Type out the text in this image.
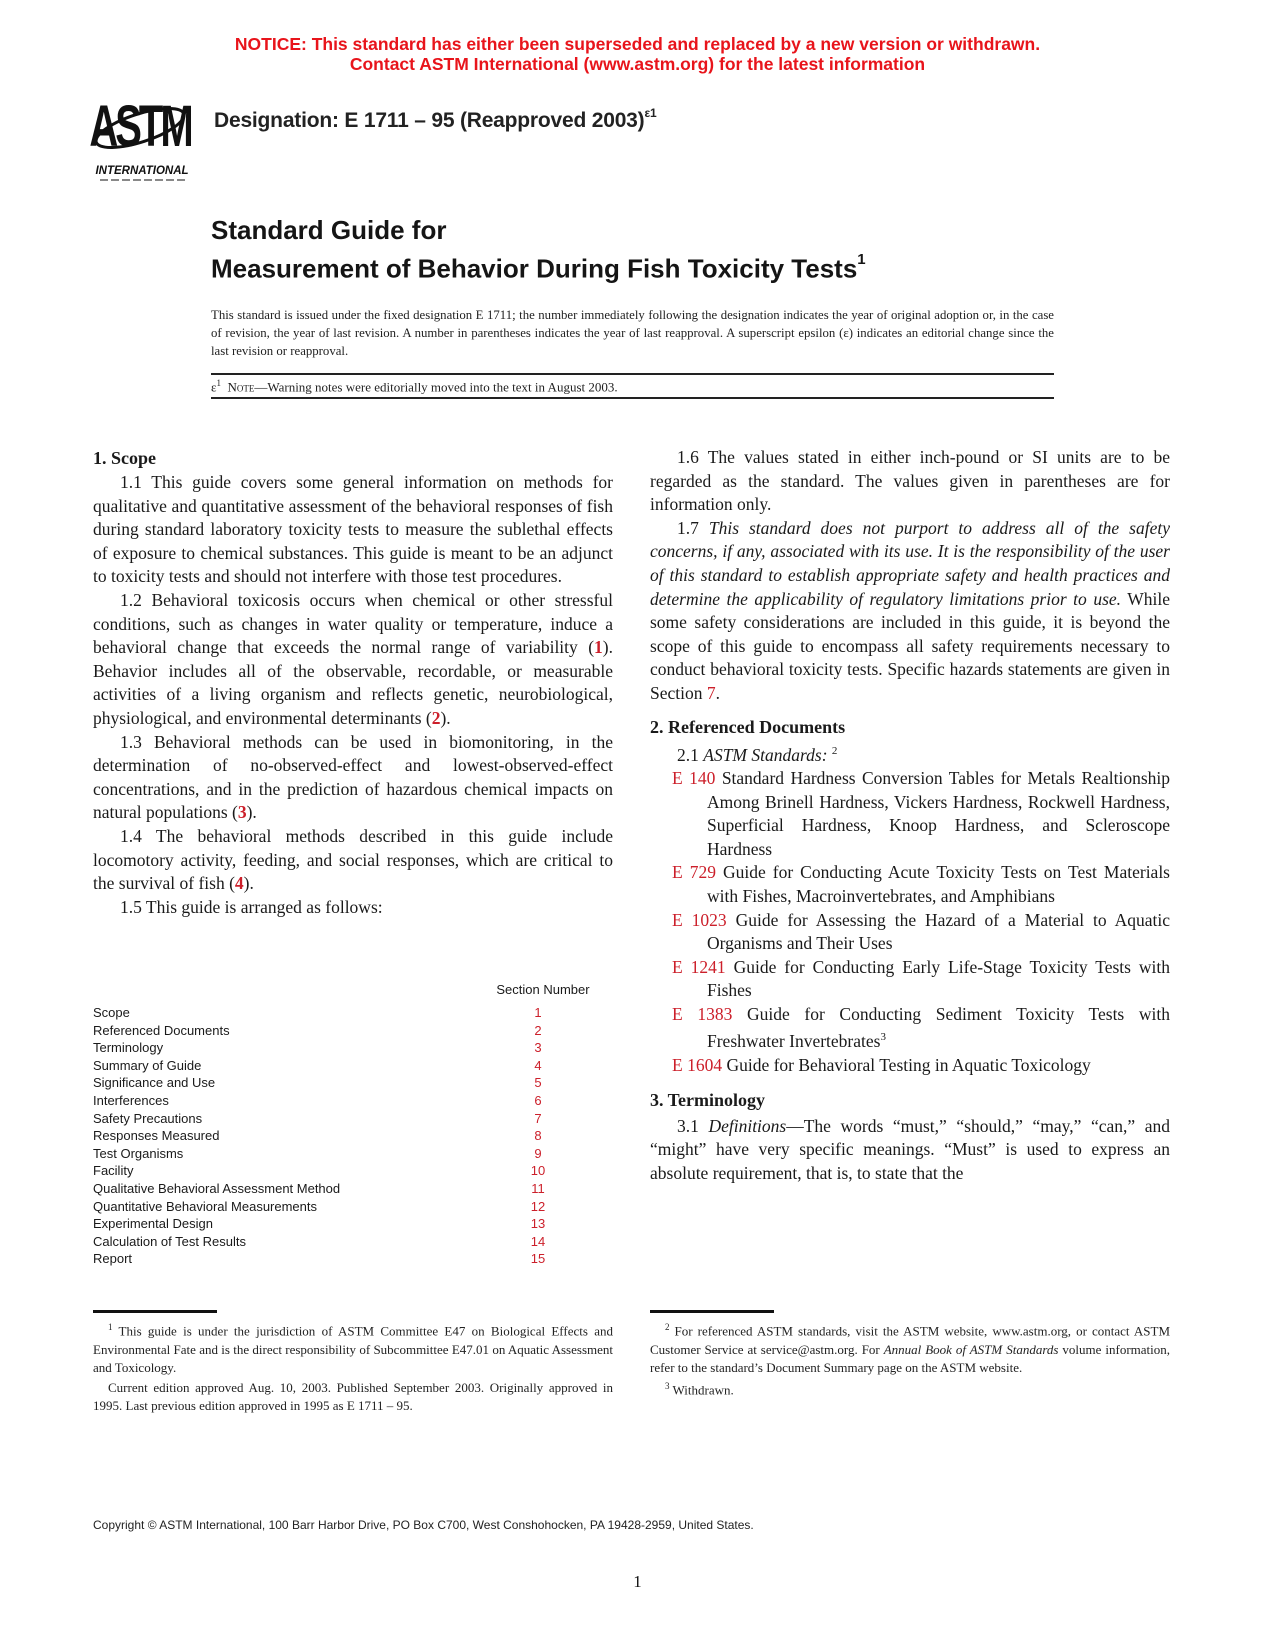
NOTICE: This standard has either been superseded and replaced by a new version or withdrawn.
Contact ASTM International (www.astm.org) for the latest information
ASTM
INTERNATIONAL
Designation: E 1711 – 95 (Reapproved 2003)$^{\varepsilon 1}$
Standard Guide for
Measurement of Behavior During Fish Toxicity Tests$^1$
This standard is issued under the fixed designation E 1711; the number immediately following the designation indicates the year of original adoption or, in the case of revision, the year of last revision. A number in parentheses indicates the year of last reapproval. A superscript epsilon (ε) indicates an editorial change since the last revision or reapproval.
$\varepsilon^1$ Note—Warning notes were editorially moved into the text in August 2003.
1. Scope

1.1 This guide covers some general information on methods for qualitative and quantitative assessment of the behavioral responses of fish during standard laboratory toxicity tests to measure the sublethal effects of exposure to chemical substances. This guide is meant to be an adjunct to toxicity tests and should not interfere with those test procedures.

1.2 Behavioral toxicosis occurs when chemical or other stressful conditions, such as changes in water quality or temperature, induce a behavioral change that exceeds the normal range of variability (1). Behavior includes all of the observable, recordable, or measurable activities of a living organism and reflects genetic, neurobiological, physiological, and environmental determinants (2).

1.3 Behavioral methods can be used in biomonitoring, in the determination of no-observed-effect and lowest-observed-effect concentrations, and in the prediction of hazardous chemical impacts on natural populations (3).

1.4 The behavioral methods described in this guide include locomotory activity, feeding, and social responses, which are critical to the survival of fish (4).

1.5 This guide is arranged as follows:

Section Number
Scope	1
Referenced Documents	2
Terminology	3
Summary of Guide	4
Significance and Use	5
Interferences	6
Safety Precautions	7
Responses Measured	8
Test Organisms	9
Facility	10
Qualitative Behavioral Assessment Method	11
Quantitative Behavioral Measurements	12
Experimental Design	13
Calculation of Test Results	14
Report	15

1.6 The values stated in either inch-pound or SI units are to be regarded as the standard. The values given in parentheses are for information only.

1.7 This standard does not purport to address all of the safety concerns, if any, associated with its use. It is the responsibility of the user of this standard to establish appropriate safety and health practices and determine the applicability of regulatory limitations prior to use. While some safety considerations are included in this guide, it is beyond the scope of this guide to encompass all safety requirements necessary to conduct behavioral toxicity tests. Specific hazards statements are given in Section 7.

2. Referenced Documents

2.1 ASTM Standards: $^2$

E 140 Standard Hardness Conversion Tables for Metals Realtionship Among Brinell Hardness, Vickers Hardness, Rockwell Hardness, Superficial Hardness, Knoop Hardness, and Scleroscope Hardness

E 729 Guide for Conducting Acute Toxicity Tests on Test Materials with Fishes, Macroinvertebrates, and Amphibians

E 1023 Guide for Assessing the Hazard of a Material to Aquatic Organisms and Their Uses

E 1241 Guide for Conducting Early Life-Stage Toxicity Tests with Fishes

E 1383 Guide for Conducting Sediment Toxicity Tests with Freshwater Invertebrates$^3$

E 1604 Guide for Behavioral Testing in Aquatic Toxicology

3. Terminology

3.1 Definitions—The words “must,” “should,” “may,” “can,” and “might” have very specific meanings. “Must” is used to express an absolute requirement, that is, to state that the

$^1$ This guide is under the jurisdiction of ASTM Committee E47 on Biological Effects and Environmental Fate and is the direct responsibility of Subcommittee E47.01 on Aquatic Assessment and Toxicology.

Current edition approved Aug. 10, 2003. Published September 2003. Originally approved in 1995. Last previous edition approved in 1995 as E 1711 – 95.

$^2$ For referenced ASTM standards, visit the ASTM website, www.astm.org, or contact ASTM Customer Service at service@astm.org. For Annual Book of ASTM Standards volume information, refer to the standard’s Document Summary page on the ASTM website.

$^3$ Withdrawn.

Copyright © ASTM International, 100 Barr Harbor Drive, PO Box C700, West Conshohocken, PA 19428-2959, United States.
1
